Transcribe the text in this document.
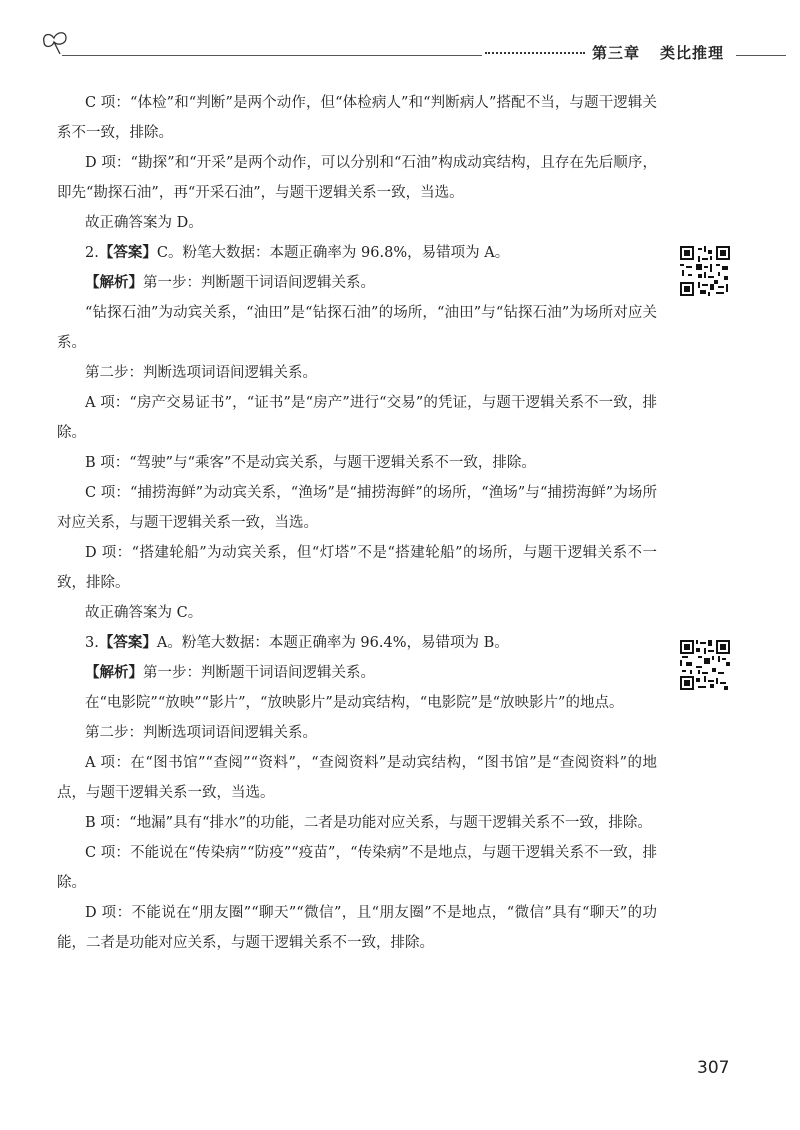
第三章 类比推理

C 项：“体检”和“判断”是两个动作，但“体检病人”和“判断病人”搭配不当，与题干逻辑关系不一致，排除。

D 项：“勘探”和“开采”是两个动作，可以分别和“石油”构成动宾结构，且存在先后顺序，即先“勘探石油”，再“开采石油”，与题干逻辑关系一致，当选。

故正确答案为 D。

2.【答案】C。粉笔大数据：本题正确率为 96.8%，易错项为 A。

【解析】第一步：判断题干词语间逻辑关系。

“钻探石油”为动宾关系，“油田”是“钻探石油”的场所，“油田”与“钻探石油”为场所对应关系。

第二步：判断选项词语间逻辑关系。

A 项：“房产交易证书”，“证书”是“房产”进行“交易”的凭证，与题干逻辑关系不一致，排除。

B 项：“驾驶”与“乘客”不是动宾关系，与题干逻辑关系不一致，排除。

C 项：“捕捞海鲜”为动宾关系，“渔场”是“捕捞海鲜”的场所，“渔场”与“捕捞海鲜”为场所对应关系，与题干逻辑关系一致，当选。

D 项：“搭建轮船”为动宾关系，但“灯塔”不是“搭建轮船”的场所，与题干逻辑关系不一致，排除。

故正确答案为 C。

3.【答案】A。粉笔大数据：本题正确率为 96.4%，易错项为 B。

【解析】第一步：判断题干词语间逻辑关系。

在“电影院”“放映”“影片”，“放映影片”是动宾结构，“电影院”是“放映影片”的地点。

第二步：判断选项词语间逻辑关系。

A 项：在“图书馆”“查阅”“资料”，“查阅资料”是动宾结构，“图书馆”是“查阅资料”的地点，与题干逻辑关系一致，当选。

B 项：“地漏”具有“排水”的功能，二者是功能对应关系，与题干逻辑关系不一致，排除。

C 项：不能说在“传染病”“防疫”“疫苗”，“传染病”不是地点，与题干逻辑关系不一致，排除。

D 项：不能说在“朋友圈”“聊天”“微信”，且“朋友圈”不是地点，“微信”具有“聊天”的功能，二者是功能对应关系，与题干逻辑关系不一致，排除。

307
